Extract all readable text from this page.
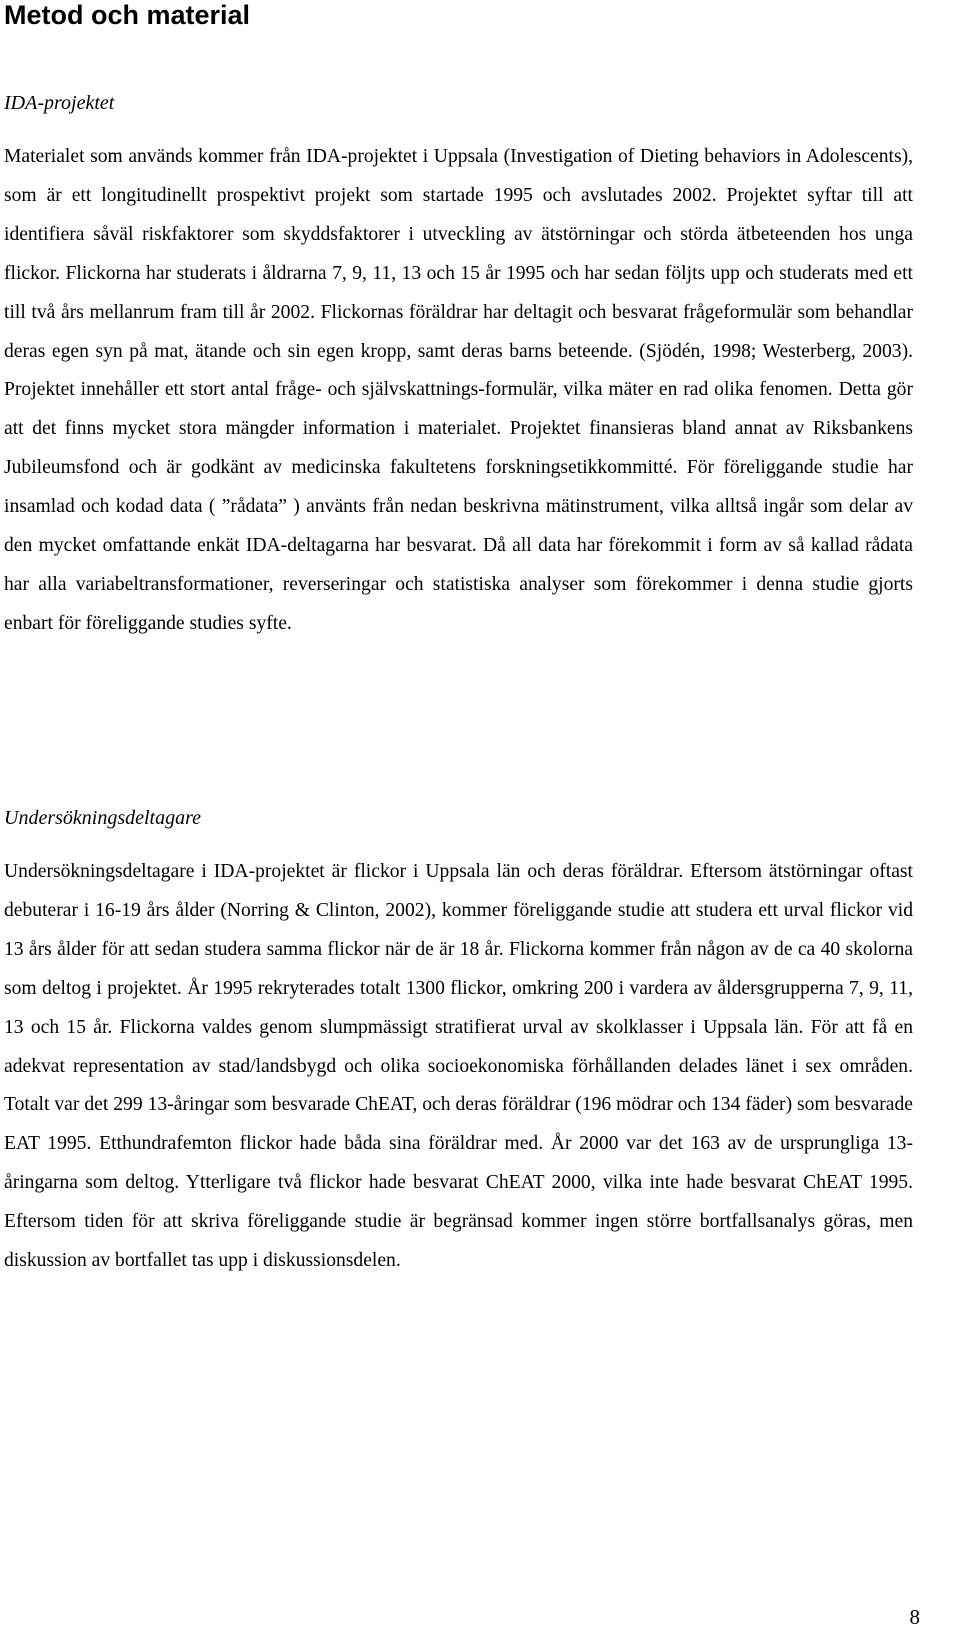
Metod och material
IDA-projektet

Materialet som används kommer från IDA-projektet i Uppsala (Investigation of Dieting behaviors in Adolescents), som är ett longitudinellt prospektivt projekt som startade 1995 och avslutades 2002. Projektet syftar till att identifiera såväl riskfaktorer som skyddsfaktorer i utveckling av ätstörningar och störda ätbeteenden hos unga flickor. Flickorna har studerats i åldrarna 7, 9, 11, 13 och 15 år 1995 och har sedan följts upp och studerats med ett till två års mellanrum fram till år 2002. Flickornas föräldrar har deltagit och besvarat frågeformulär som behandlar deras egen syn på mat, ätande och sin egen kropp, samt deras barns beteende. (Sjödén, 1998; Westerberg, 2003). Projektet innehåller ett stort antal fråge- och självskattnings-formulär, vilka mäter en rad olika fenomen. Detta gör att det finns mycket stora mängder information i materialet. Projektet finansieras bland annat av Riksbankens Jubileumsfond och är godkänt av medicinska fakultetens forskningsetikkommitté. För föreliggande studie har insamlad och kodad data ( ”rådata” ) använts från nedan beskrivna mätinstrument, vilka alltså ingår som delar av den mycket omfattande enkät IDA-deltagarna har besvarat. Då all data har förekommit i form av så kallad rådata har alla variabeltransformationer, reverseringar och statistiska analyser som förekommer i denna studie gjorts enbart för föreliggande studies syfte.

Undersökningsdeltagare

Undersökningsdeltagare i IDA-projektet är flickor i Uppsala län och deras föräldrar. Eftersom ätstörningar oftast debuterar i 16-19 års ålder (Norring & Clinton, 2002), kommer föreliggande studie att studera ett urval flickor vid 13 års ålder för att sedan studera samma flickor när de är 18 år. Flickorna kommer från någon av de ca 40 skolorna som deltog i projektet. År 1995 rekryterades totalt 1300 flickor, omkring 200 i vardera av åldersgrupperna 7, 9, 11, 13 och 15 år. Flickorna valdes genom slumpmässigt stratifierat urval av skolklasser i Uppsala län. För att få en adekvat representation av stad/landsbygd och olika socioekonomiska förhållanden delades länet i sex områden. Totalt var det 299 13-åringar som besvarade ChEAT, och deras föräldrar (196 mödrar och 134 fäder) som besvarade EAT 1995. Etthundrafemton flickor hade båda sina föräldrar med. År 2000 var det 163 av de ursprungliga 13-åringarna som deltog. Ytterligare två flickor hade besvarat ChEAT 2000, vilka inte hade besvarat ChEAT 1995. Eftersom tiden för att skriva föreliggande studie är begränsad kommer ingen större bortfallsanalys göras, men diskussion av bortfallet tas upp i diskussionsdelen.

8
